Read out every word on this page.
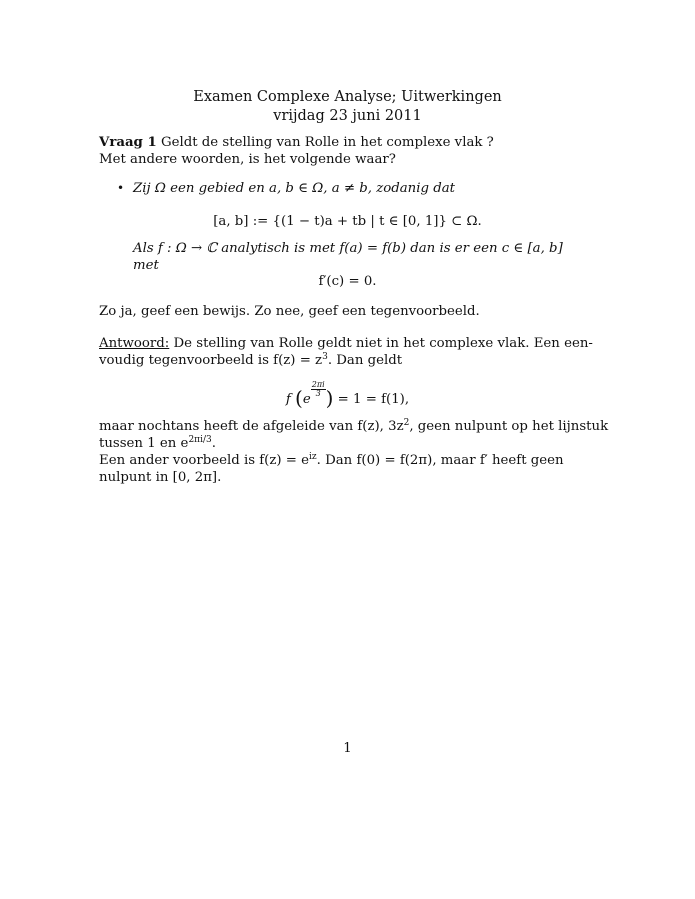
Examen Complexe Analyse; Uitwerkingen
vrijdag 23 juni 2011
Vraag 1 Geldt de stelling van Rolle in het complexe vlak ?
Met andere woorden, is het volgende waar?
• Zij Ω een gebied en a, b ∈ Ω, a ≠ b, zodanig dat
[a, b] := {(1 − t)a + tb | t ∈ [0, 1]} ⊂ Ω.
Als f : Ω → ℂ analytisch is met f(a) = f(b) dan is er een c ∈ [a, b]
met
f′(c) = 0.
Zo ja, geef een bewijs. Zo nee, geef een tegenvoorbeeld.
Antwoord: De stelling van Rolle geldt niet in het complexe vlak. Een een-
voudig tegenvoorbeeld is $f(z) = z^3$. Dan geldt
f (e
$\frac{2\pi i}{3}$ ) = 1 = f(1),
maar nochtans heeft de afgeleide van f(z), $3z^2$, geen nulpunt op het lijnstuk
tussen 1 en $e^{2\pi i/3}$.
Een ander voorbeeld is $f(z) = e^{iz}$. Dan f(0) = f(2π), maar f′ heeft geen
nulpunt in [0, 2π].
1
